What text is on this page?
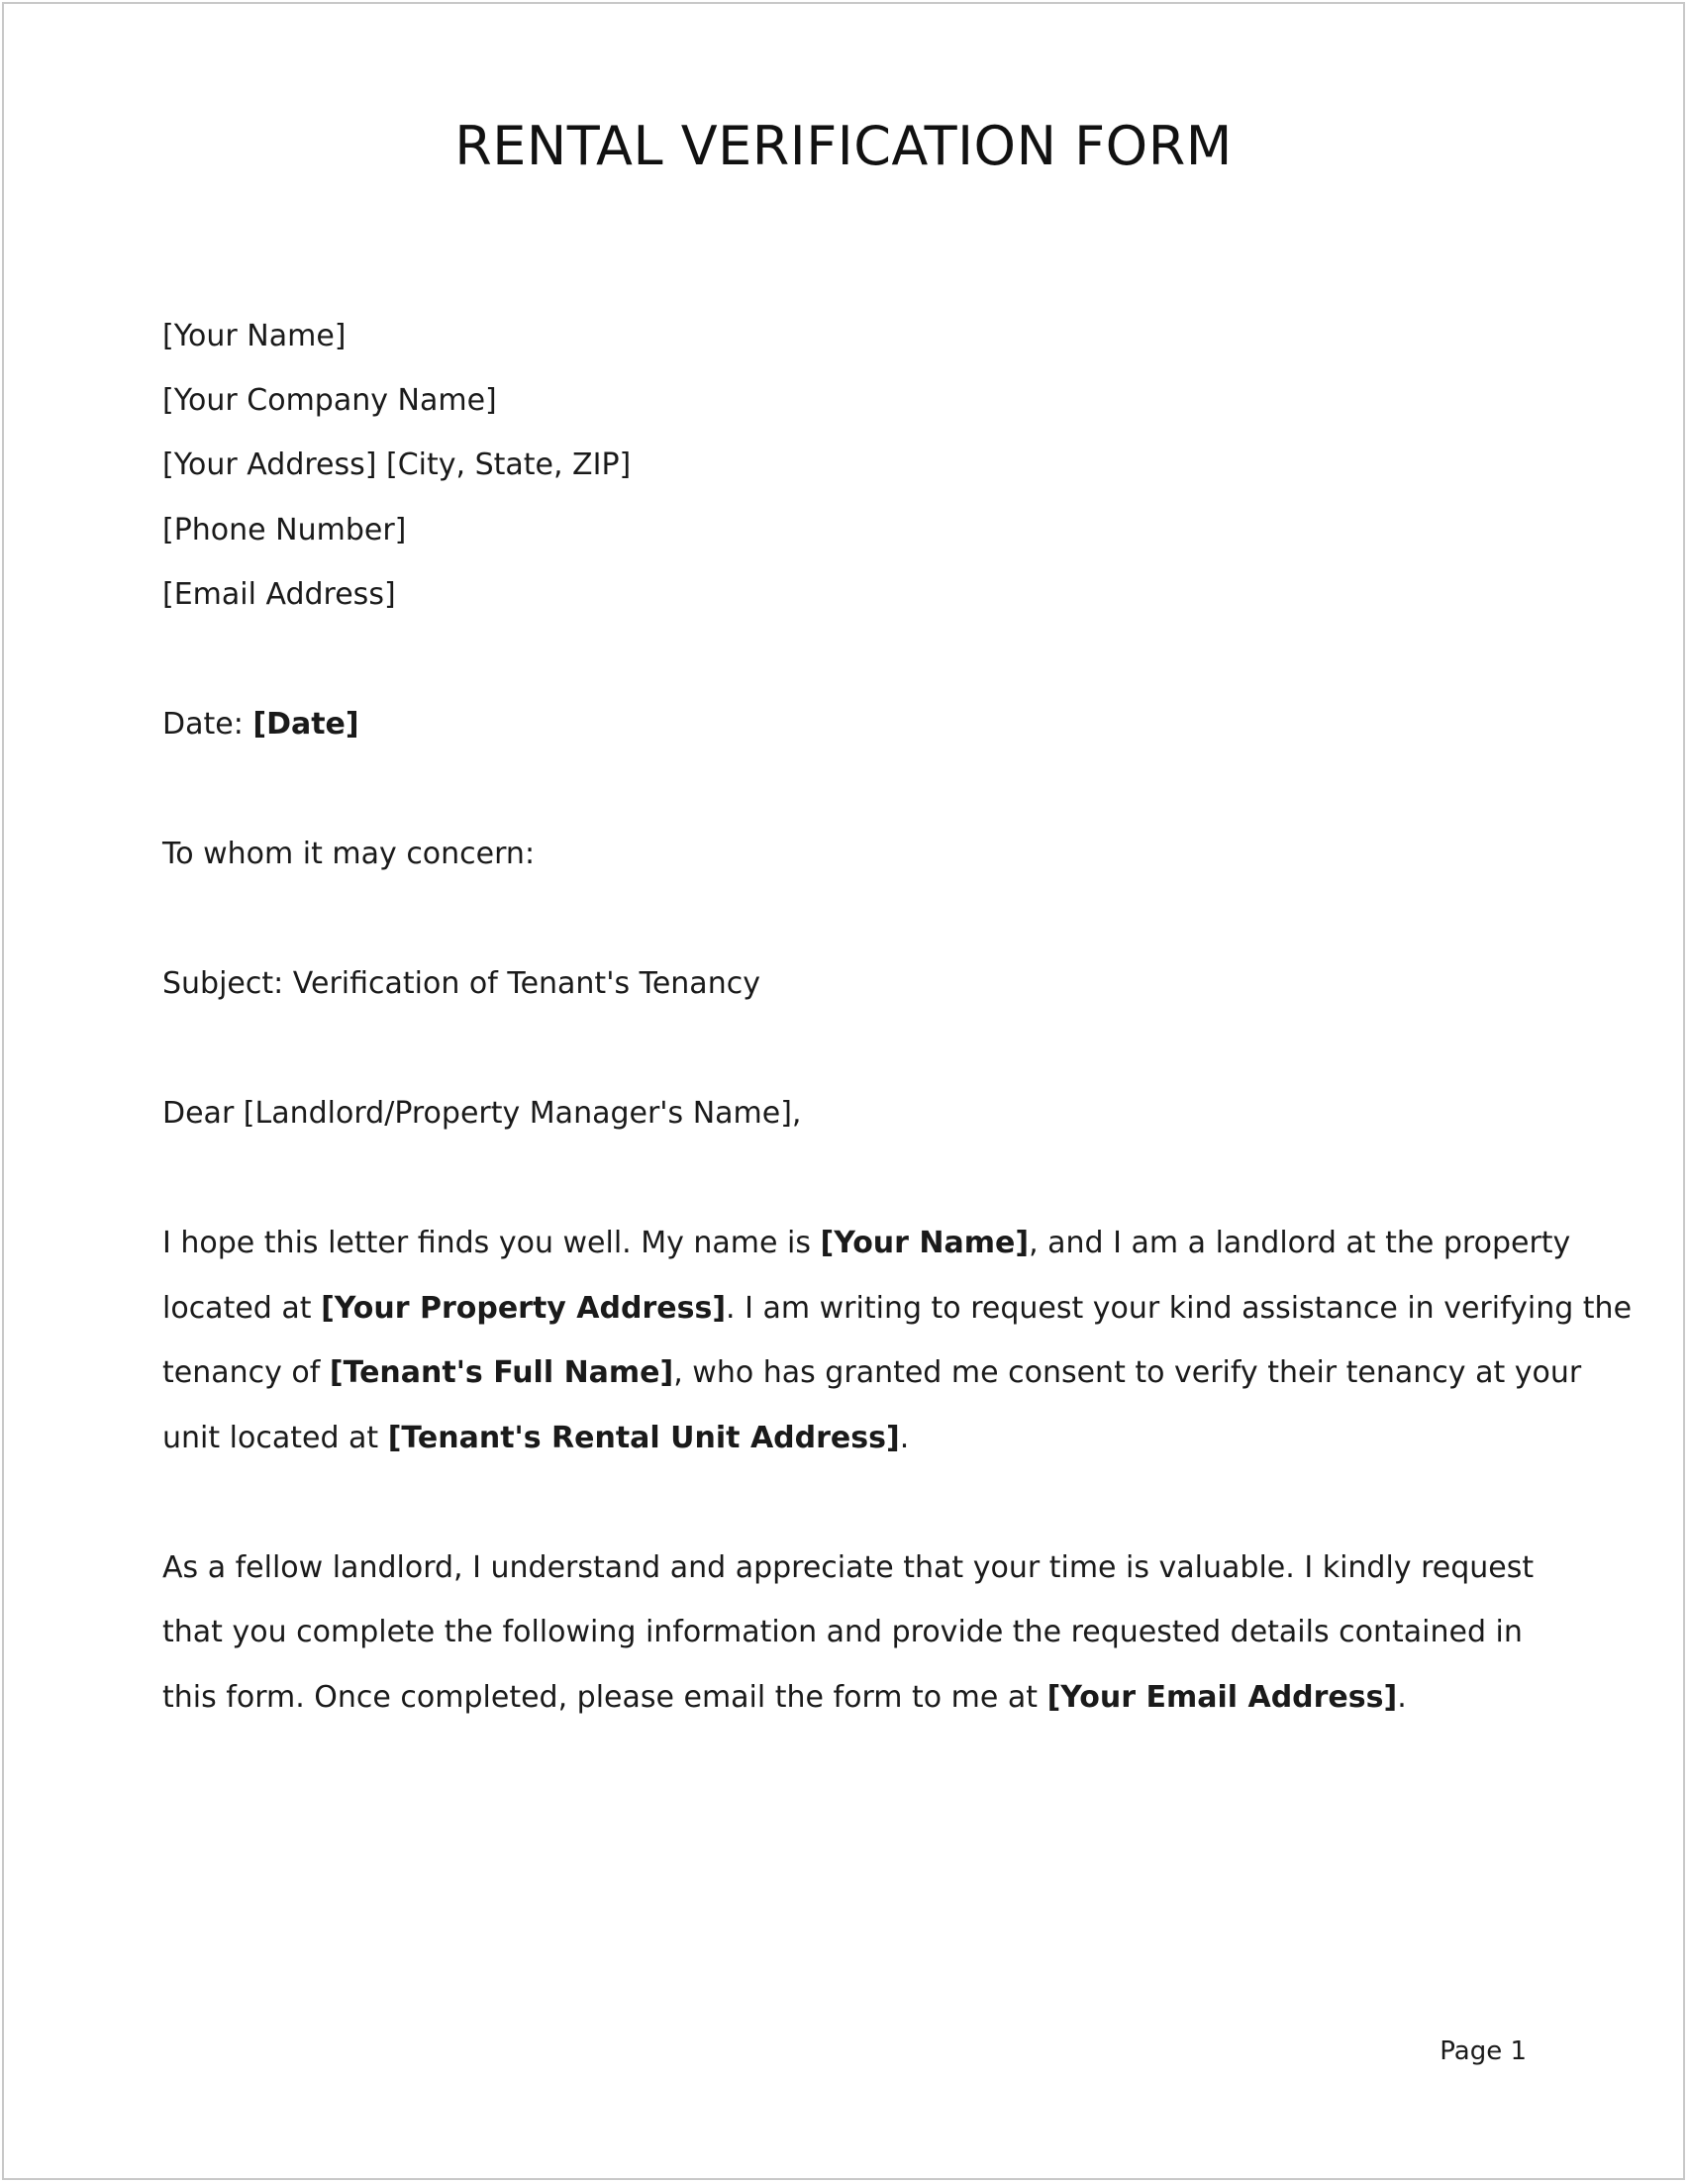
RENTAL VERIFICATION FORM

[Your Name]

[Your Company Name]

[Your Address] [City, State, ZIP]

[Phone Number]

[Email Address]

Date: [Date]

To whom it may concern:

Subject: Verification of Tenant's Tenancy

Dear [Landlord/Property Manager's Name],

I hope this letter finds you well. My name is [Your Name], and I am a landlord at the property

located at [Your Property Address]. I am writing to request your kind assistance in verifying the

tenancy of [Tenant's Full Name], who has granted me consent to verify their tenancy at your

unit located at [Tenant's Rental Unit Address].

As a fellow landlord, I understand and appreciate that your time is valuable. I kindly request

that you complete the following information and provide the requested details contained in

this form. Once completed, please email the form to me at [Your Email Address].

Page 1
